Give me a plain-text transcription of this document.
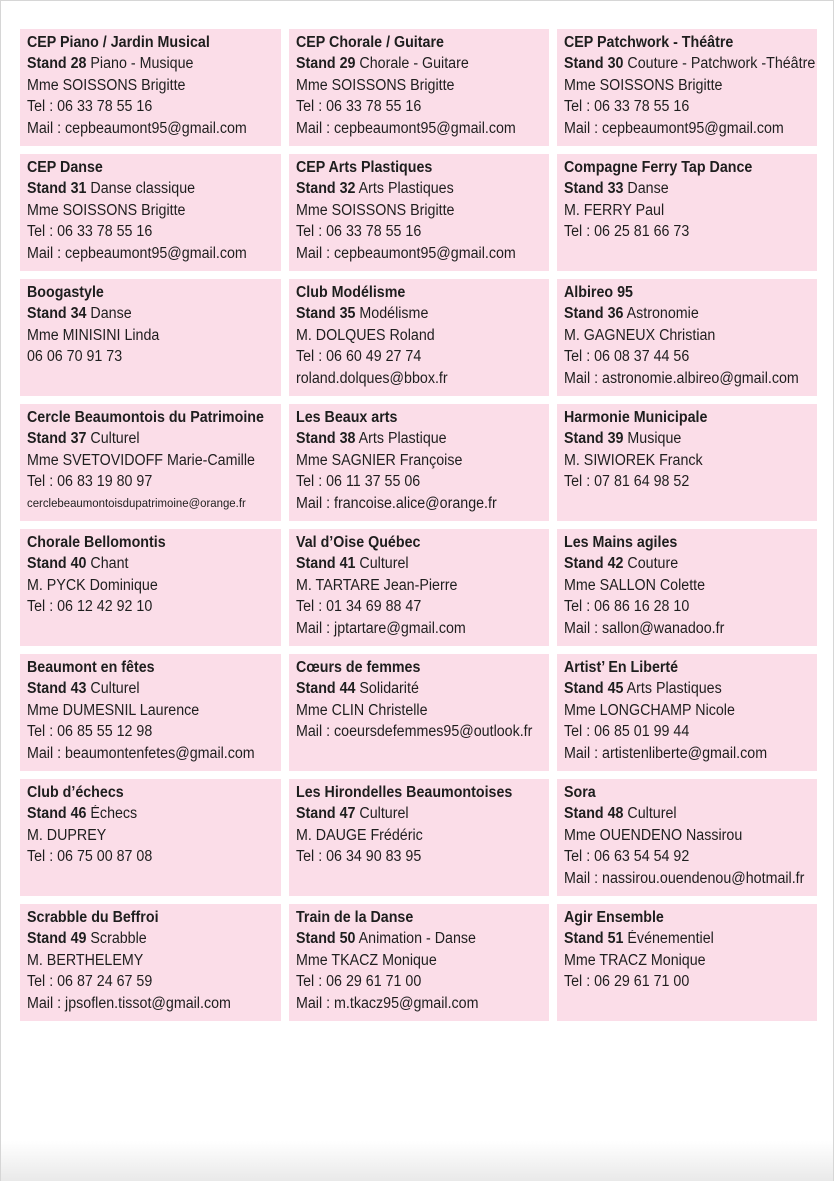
CEP Piano / Jardin Musical
Stand 28 Piano - Musique
Mme SOISSONS Brigitte
Tel : 06 33 78 55 16
Mail : cepbeaumont95@gmail.com
CEP Chorale / Guitare
Stand 29 Chorale - Guitare
Mme SOISSONS Brigitte
Tel : 06 33 78 55 16
Mail : cepbeaumont95@gmail.com
CEP Patchwork - Théâtre
Stand 30 Couture - Patchwork -Théâtre
Mme SOISSONS Brigitte
Tel : 06 33 78 55 16
Mail : cepbeaumont95@gmail.com
CEP Danse
Stand 31 Danse classique
Mme SOISSONS Brigitte
Tel : 06 33 78 55 16
Mail : cepbeaumont95@gmail.com
CEP Arts Plastiques
Stand 32 Arts Plastiques
Mme SOISSONS Brigitte
Tel : 06 33 78 55 16
Mail : cepbeaumont95@gmail.com
Compagne Ferry Tap Dance
Stand 33 Danse
M. FERRY Paul
Tel : 06 25 81 66 73
Boogastyle
Stand 34 Danse
Mme MINISINI Linda
06 06 70 91 73
Club Modélisme
Stand 35 Modélisme
M. DOLQUES Roland
Tel : 06 60 49 27 74
roland.dolques@bbox.fr
Albireo 95
Stand 36 Astronomie
M. GAGNEUX Christian
Tel : 06 08 37 44 56
Mail : astronomie.albireo@gmail.com
Cercle Beaumontois du Patrimoine
Stand 37 Culturel
Mme SVETOVIDOFF Marie-Camille
Tel : 06 83 19 80 97
cerclebeaumontoisdupatrimoine@orange.fr
Les Beaux arts
Stand 38 Arts Plastique
Mme SAGNIER Françoise
Tel : 06 11 37 55 06
Mail : francoise.alice@orange.fr
Harmonie Municipale
Stand 39 Musique
M. SIWIOREK Franck
Tel : 07 81 64 98 52
Chorale Bellomontis
Stand 40 Chant
M. PYCK Dominique
Tel : 06 12 42 92 10
Val d’Oise Québec
Stand 41 Culturel
M. TARTARE Jean-Pierre
Tel : 01 34 69 88 47
Mail : jptartare@gmail.com
Les Mains agiles
Stand 42 Couture
Mme SALLON Colette
Tel : 06 86 16 28 10
Mail : sallon@wanadoo.fr
Beaumont en fêtes
Stand 43 Culturel
Mme DUMESNIL Laurence
Tel : 06 85 55 12 98
Mail : beaumontenfetes@gmail.com
Cœurs de femmes
Stand 44 Solidarité
Mme CLIN Christelle
Mail : coeursdefemmes95@outlook.fr
Artist’ En Liberté
Stand 45 Arts Plastiques
Mme LONGCHAMP Nicole
Tel : 06 85 01 99 44
Mail : artistenliberte@gmail.com
Club d’échecs
Stand 46 Échecs
M. DUPREY
Tel : 06 75 00 87 08
Les Hirondelles Beaumontoises
Stand 47 Culturel
M. DAUGE Frédéric
Tel : 06 34 90 83 95
Sora
Stand 48 Culturel
Mme OUENDENO Nassirou
Tel : 06 63 54 54 92
Mail : nassirou.ouendenou@hotmail.fr
Scrabble du Beffroi
Stand 49 Scrabble
M. BERTHELEMY
Tel : 06 87 24 67 59
Mail : jpsoflen.tissot@gmail.com
Train de la Danse
Stand 50 Animation - Danse
Mme TKACZ Monique
Tel : 06 29 61 71 00
Mail : m.tkacz95@gmail.com
Agir Ensemble
Stand 51 Événementiel
Mme TRACZ Monique
Tel : 06 29 61 71 00
